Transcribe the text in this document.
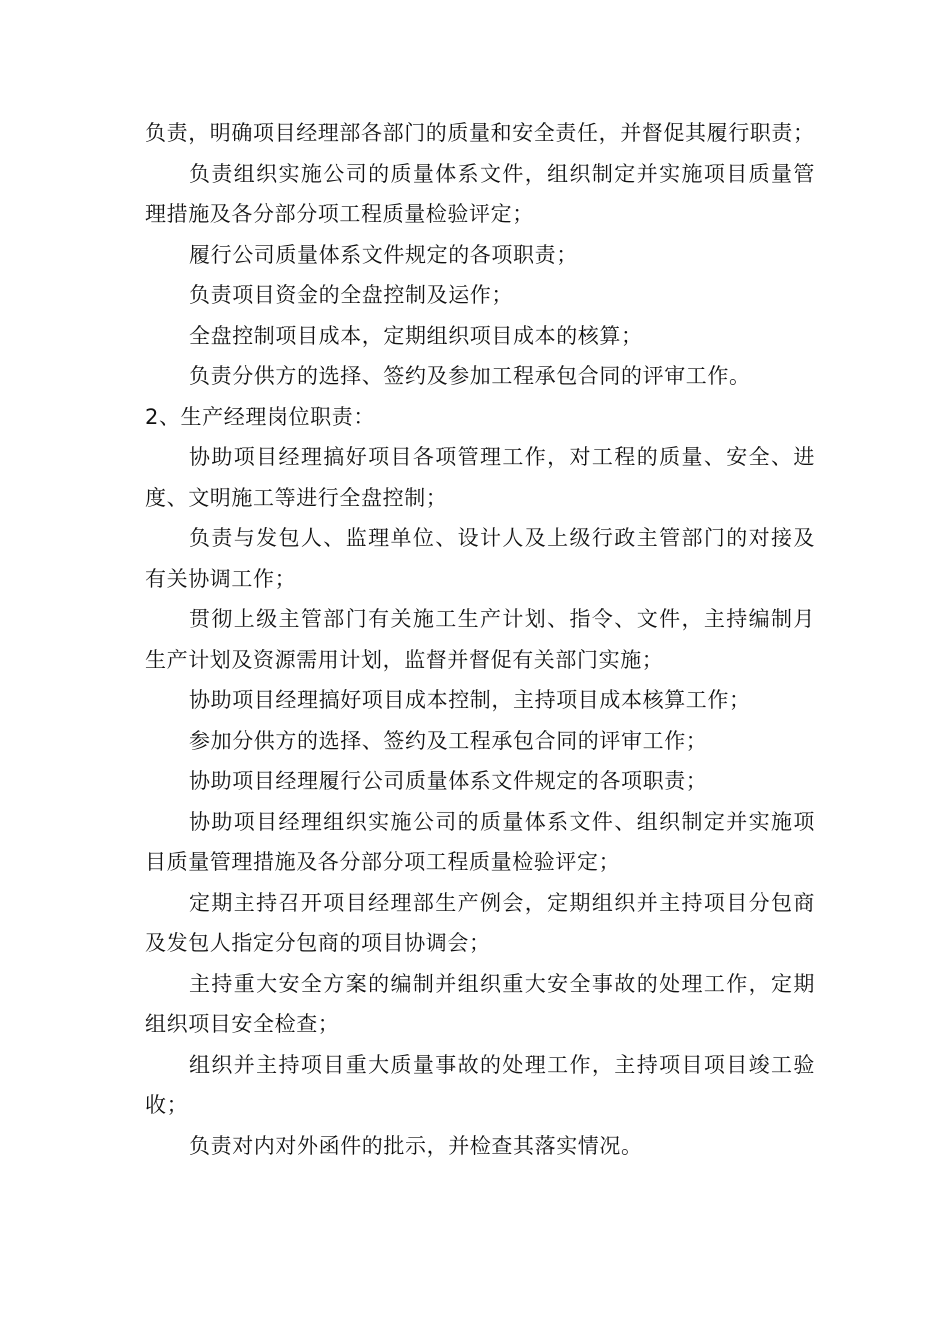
负责，明确项目经理部各部门的质量和安全责任，并督促其履行职责；

负责组织实施公司的质量体系文件，组织制定并实施项目质量管理措施及各分部分项工程质量检验评定；

履行公司质量体系文件规定的各项职责；

负责项目资金的全盘控制及运作；

全盘控制项目成本，定期组织项目成本的核算；

负责分供方的选择、签约及参加工程承包合同的评审工作。

2、生产经理岗位职责：

协助项目经理搞好项目各项管理工作，对工程的质量、安全、进度、文明施工等进行全盘控制；

负责与发包人、监理单位、设计人及上级行政主管部门的对接及有关协调工作；

贯彻上级主管部门有关施工生产计划、指令、文件，主持编制月生产计划及资源需用计划，监督并督促有关部门实施；

协助项目经理搞好项目成本控制，主持项目成本核算工作；

参加分供方的选择、签约及工程承包合同的评审工作；

协助项目经理履行公司质量体系文件规定的各项职责；

协助项目经理组织实施公司的质量体系文件、组织制定并实施项目质量管理措施及各分部分项工程质量检验评定；

定期主持召开项目经理部生产例会，定期组织并主持项目分包商及发包人指定分包商的项目协调会；

主持重大安全方案的编制并组织重大安全事故的处理工作，定期组织项目安全检查；

组织并主持项目重大质量事故的处理工作，主持项目项目竣工验收；

负责对内对外函件的批示，并检查其落实情况。
